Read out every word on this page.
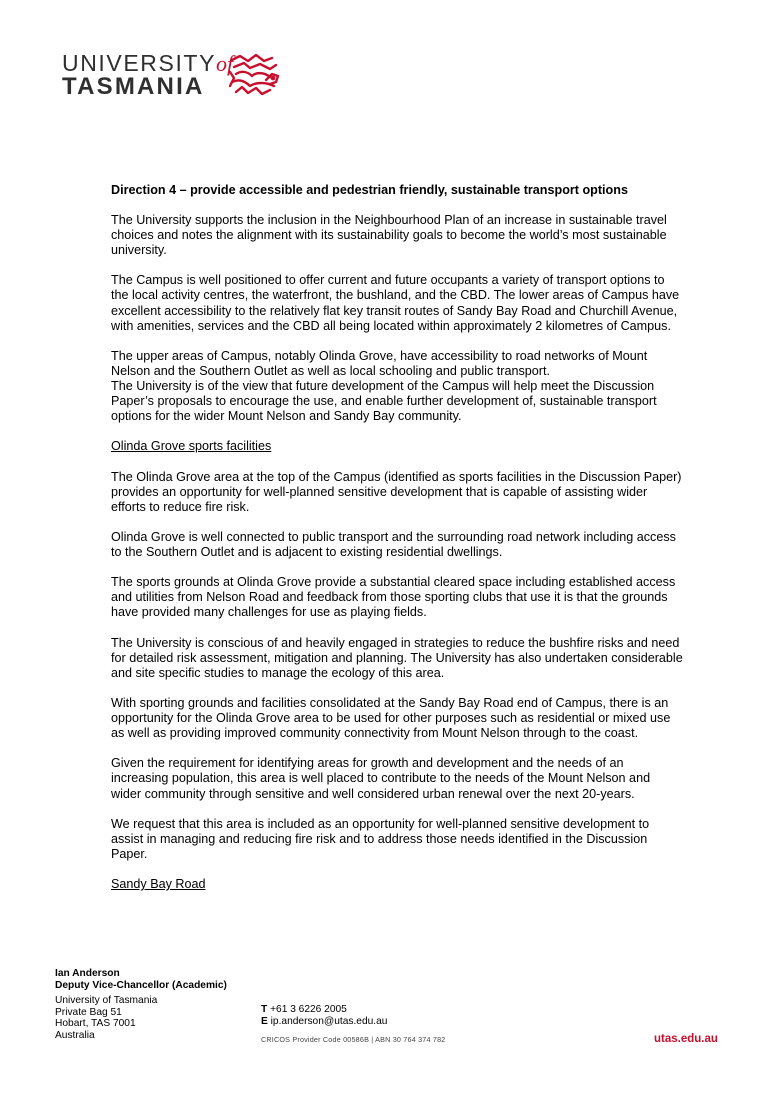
UNIVERSITYof
TASMANIA
Direction 4 – provide accessible and pedestrian friendly, sustainable transport options

The University supports the inclusion in the Neighbourhood Plan of an increase in sustainable travel choices and notes the alignment with its sustainability goals to become the world’s most sustainable university.

The Campus is well positioned to offer current and future occupants a variety of transport options to the local activity centres, the waterfront, the bushland, and the CBD. The lower areas of Campus have excellent accessibility to the relatively flat key transit routes of Sandy Bay Road and Churchill Avenue, with amenities, services and the CBD all being located within approximately 2 kilometres of Campus.

The upper areas of Campus, notably Olinda Grove, have accessibility to road networks of Mount Nelson and the Southern Outlet as well as local schooling and public transport.

The University is of the view that future development of the Campus will help meet the Discussion Paper’s proposals to encourage the use, and enable further development of, sustainable transport options for the wider Mount Nelson and Sandy Bay community.

Olinda Grove sports facilities

The Olinda Grove area at the top of the Campus (identified as sports facilities in the Discussion Paper) provides an opportunity for well-planned sensitive development that is capable of assisting wider efforts to reduce fire risk.

Olinda Grove is well connected to public transport and the surrounding road network including access to the Southern Outlet and is adjacent to existing residential dwellings.

The sports grounds at Olinda Grove provide a substantial cleared space including established access and utilities from Nelson Road and feedback from those sporting clubs that use it is that the grounds have provided many challenges for use as playing fields.

The University is conscious of and heavily engaged in strategies to reduce the bushfire risks and need for detailed risk assessment, mitigation and planning. The University has also undertaken considerable and site specific studies to manage the ecology of this area.

With sporting grounds and facilities consolidated at the Sandy Bay Road end of Campus, there is an opportunity for the Olinda Grove area to be used for other purposes such as residential or mixed use as well as providing improved community connectivity from Mount Nelson through to the coast.

Given the requirement for identifying areas for growth and development and the needs of an increasing population, this area is well placed to contribute to the needs of the Mount Nelson and wider community through sensitive and well considered urban renewal over the next 20-years.

We request that this area is included as an opportunity for well-planned sensitive development to assist in managing and reducing fire risk and to address those needs identified in the Discussion Paper.

Sandy Bay Road
Ian Anderson
Deputy Vice-Chancellor (Academic)
University of Tasmania
Private Bag 51
Hobart, TAS 7001
Australia
T +61 3 6226 2005
E ip.anderson@utas.edu.au
CRICOS Provider Code 00586B | ABN 30 764 374 782	utas.edu.au
